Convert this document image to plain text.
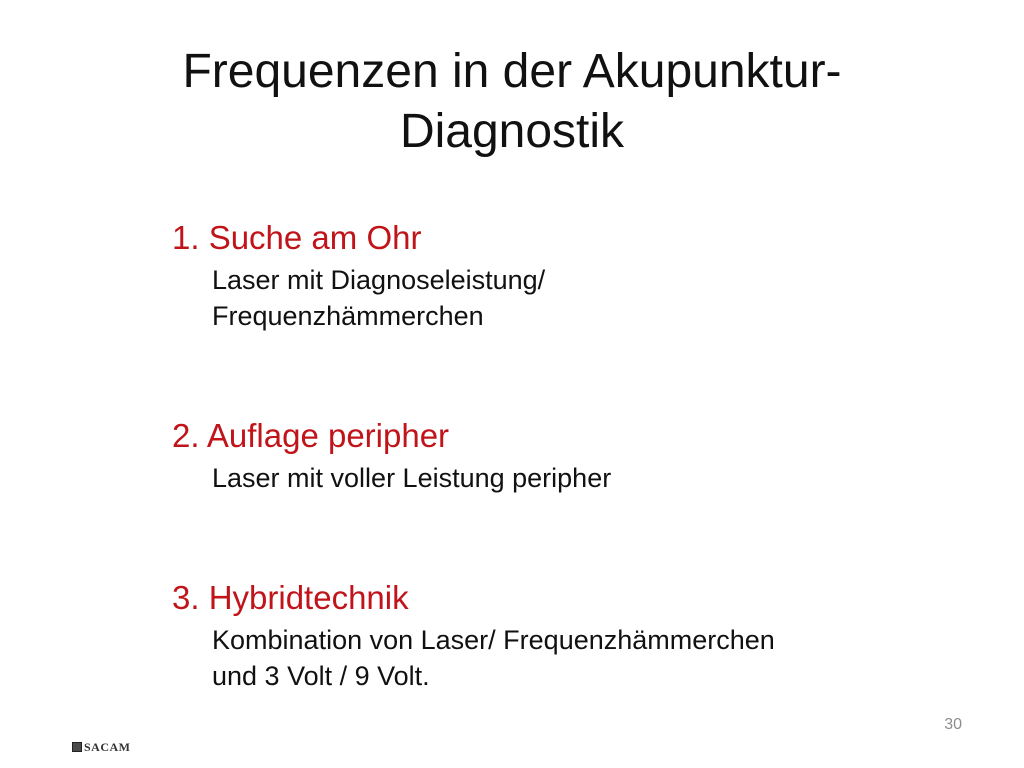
Frequenzen in der Akupunktur-
Diagnostik
1. Suche am Ohr
Laser mit Diagnoseleistung/
Frequenzhämmerchen
2. Auflage peripher
Laser mit voller Leistung peripher
3. Hybridtechnik
Kombination von Laser/ Frequenzhämmerchen
und 3 Volt / 9 Volt.
30
SACAM
